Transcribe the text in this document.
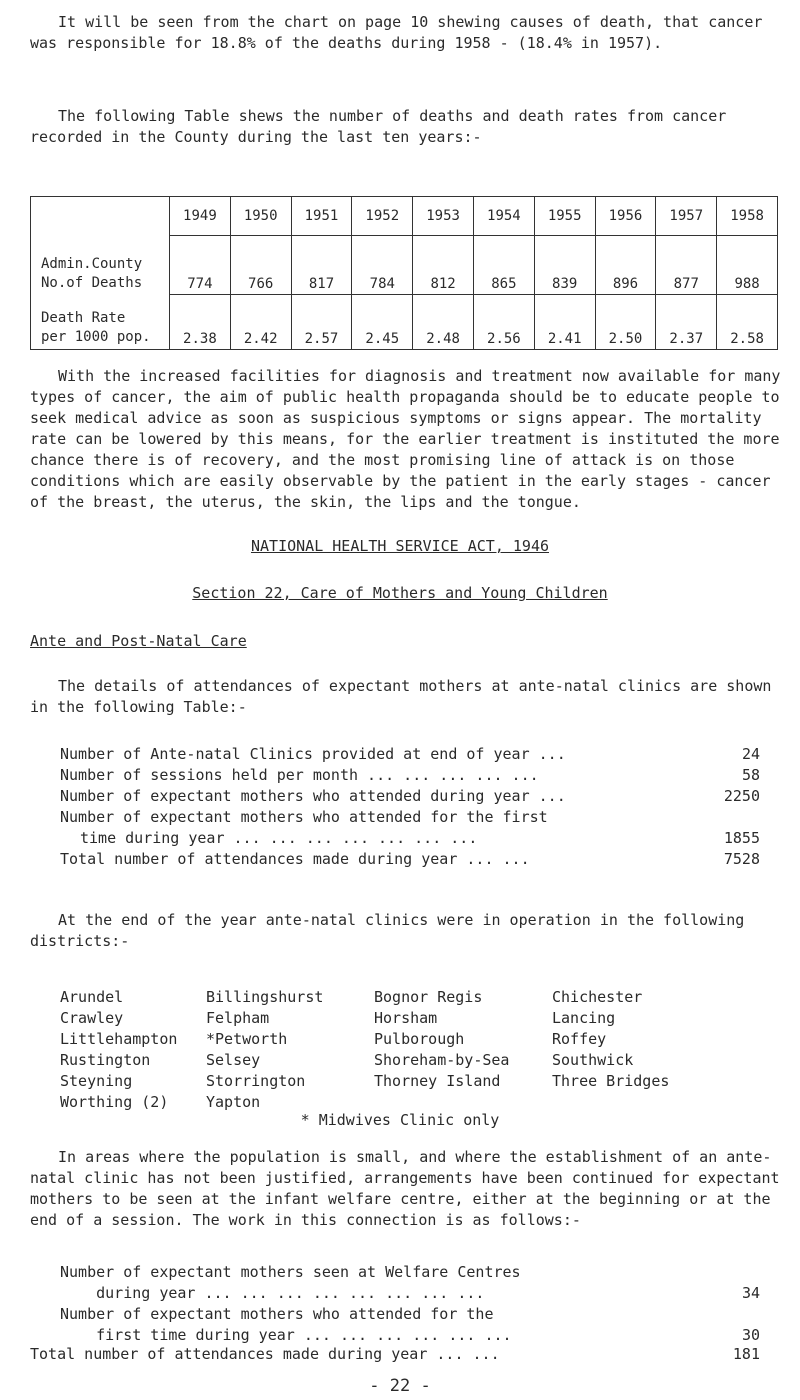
It will be seen from the chart on page 10 shewing causes of death, that cancer was responsible for 18.8% of the deaths during 1958 - (18.4% in 1957).

The following Table shews the number of deaths and death rates from cancer recorded in the County during the last ten years:-

	1949	1950	1951	1952	1953	1954	1955	1956	1957	1958
Admin.County
No.of Deaths	774	766	817	784	812	865	839	896	877	988
Death Rate
per 1000 pop.	2.38	2.42	2.57	2.45	2.48	2.56	2.41	2.50	2.37	2.58

With the increased facilities for diagnosis and treatment now available for many types of cancer, the aim of public health propaganda should be to educate people to seek medical advice as soon as suspicious symptoms or signs appear. The mortality rate can be lowered by this means, for the earlier treatment is instituted the more chance there is of recovery, and the most promising line of attack is on those conditions which are easily observable by the patient in the early stages - cancer of the breast, the uterus, the skin, the lips and the tongue.

NATIONAL HEALTH SERVICE ACT, 1946
Section 22, Care of Mothers and Young Children
Ante and Post-Natal Care

The details of attendances of expectant mothers at ante-natal clinics are shown in the following Table:-

Number of Ante-natal Clinics provided at end of year ...	24
Number of sessions held per month ... ... ... ... ...	58
Number of expectant mothers who attended during year ...	2250
Number of expectant mothers who attended for the first
time during year ... ... ... ... ... ... ...	1855
Total number of attendances made during year ... ...	7528

At the end of the year ante-natal clinics were in operation in the following districts:-

Arundel	Billingshurst	Bognor Regis	Chichester
Crawley	Felpham	Horsham	Lancing
Littlehampton	*Petworth	Pulborough	Roffey
Rustington	Selsey	Shoreham-by-Sea	Southwick
Steyning	Storrington	Thorney Island	Three Bridges
Worthing (2)	Yapton
* Midwives Clinic only

In areas where the population is small, and where the establishment of an ante-natal clinic has not been justified, arrangements have been continued for expectant mothers to be seen at the infant welfare centre, either at the beginning or at the end of a session. The work in this connection is as follows:-

Number of expectant mothers seen at Welfare Centres
during year ... ... ... ... ... ... ... ...	34
Number of expectant mothers who attended for the
first time during year ... ... ... ... ... ...	30
Total number of attendances made during year ... ...	181
- 22 -
